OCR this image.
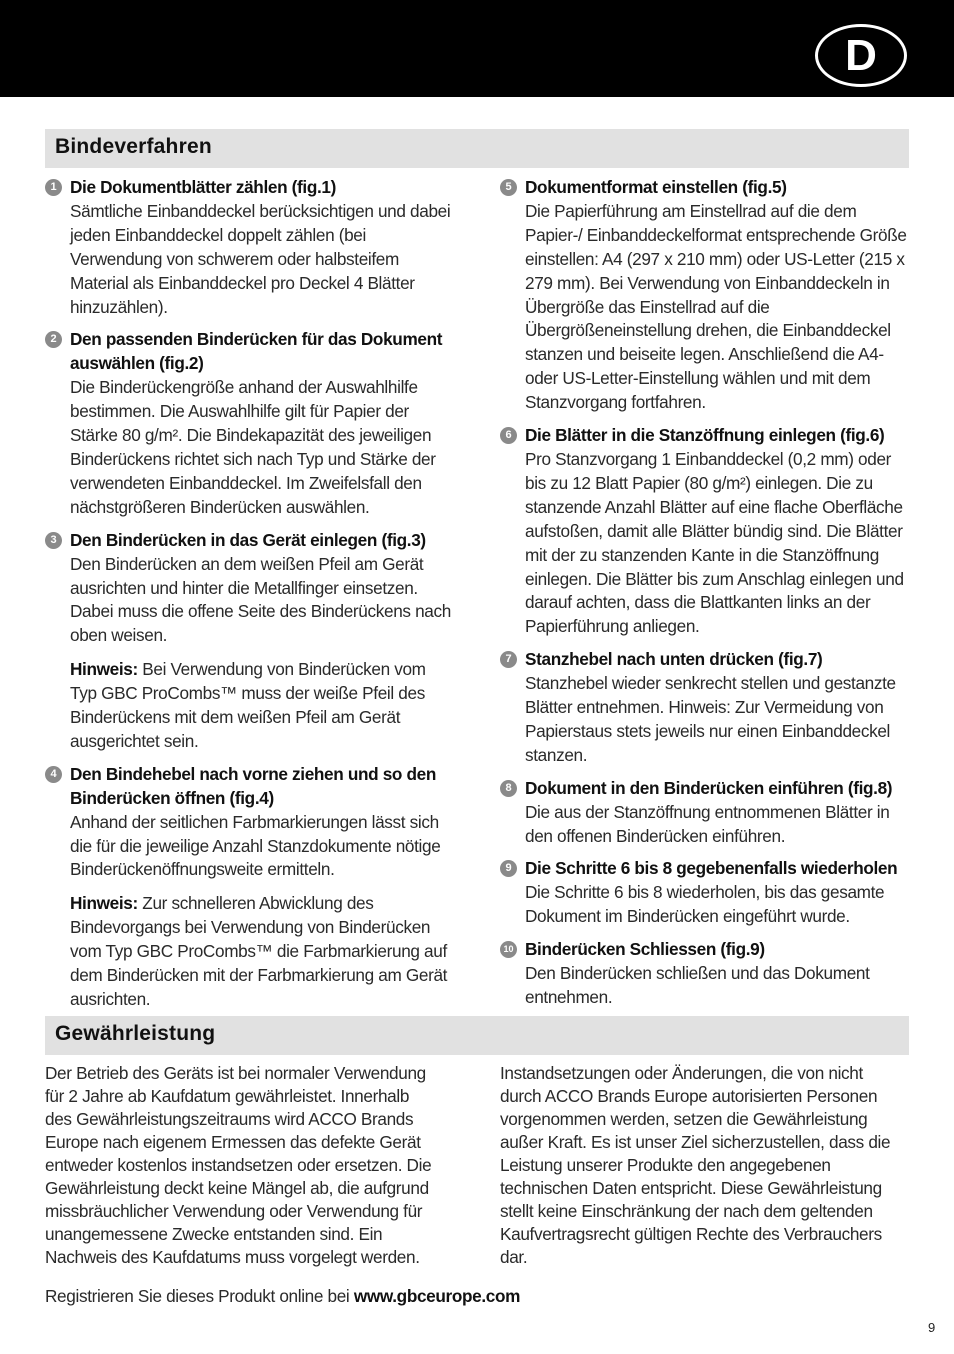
D
Bindeverfahren
1 Die Dokumentblätter zählen (fig.1)
Sämtliche Einbanddeckel berücksichtigen und dabei jeden Einbanddeckel doppelt zählen (bei Verwendung von schwerem oder halbsteifem Material als Einbanddeckel pro Deckel 4 Blätter hinzuzählen).
2 Den passenden Binderücken für das Dokument auswählen (fig.2)
Die Binderückengröße anhand der Auswahlhilfe bestimmen. Die Auswahlhilfe gilt für Papier der Stärke 80 g/m². Die Bindekapazität des jeweiligen Binderückens richtet sich nach Typ und Stärke der verwendeten Einbanddeckel. Im Zweifelsfall den nächstgrößeren Binderücken auswählen.
3 Den Binderücken in das Gerät einlegen (fig.3)
Den Binderücken an dem weißen Pfeil am Gerät ausrichten und hinter die Metallfinger einsetzen. Dabei muss die offene Seite des Binderückens nach oben weisen.
Hinweis: Bei Verwendung von Binderücken vom Typ GBC ProCombs™ muss der weiße Pfeil des Binderückens mit dem weißen Pfeil am Gerät ausgerichtet sein.
4 Den Bindehebel nach vorne ziehen und so den Binderücken öffnen (fig.4)
Anhand der seitlichen Farbmarkierungen lässt sich die für die jeweilige Anzahl Stanzdokumente nötige Binderückenöffnungsweite ermitteln.
Hinweis: Zur schnelleren Abwicklung des Bindevorgangs bei Verwendung von Binderücken vom Typ GBC ProCombs™ die Farbmarkierung auf dem Binderücken mit der Farbmarkierung am Gerät ausrichten.
5 Dokumentformat einstellen (fig.5)
Die Papierführung am Einstellrad auf die dem Papier-/ Einbanddeckelformat entsprechende Größe einstellen: A4 (297 x 210 mm) oder US-Letter (215 x 279 mm). Bei Verwendung von Einbanddeckeln in Übergröße das Einstellrad auf die Übergrößeneinstellung drehen, die Einbanddeckel stanzen und beiseite legen. Anschließend die A4- oder US-Letter-Einstellung wählen und mit dem Stanzvorgang fortfahren.
6 Die Blätter in die Stanzöffnung einlegen (fig.6)
Pro Stanzvorgang 1 Einbanddeckel (0,2 mm) oder bis zu 12 Blatt Papier (80 g/m²) einlegen. Die zu stanzende Anzahl Blätter auf eine flache Oberfläche aufstoßen, damit alle Blätter bündig sind. Die Blätter mit der zu stanzenden Kante in die Stanzöffnung einlegen. Die Blätter bis zum Anschlag einlegen und darauf achten, dass die Blattkanten links an der Papierführung anliegen.
7 Stanzhebel nach unten drücken (fig.7)
Stanzhebel wieder senkrecht stellen und gestanzte Blätter entnehmen. Hinweis: Zur Vermeidung von Papierstaus stets jeweils nur einen Einbanddeckel stanzen.
8 Dokument in den Binderücken einführen (fig.8)
Die aus der Stanzöffnung entnommenen Blätter in den offenen Binderücken einführen.
9 Die Schritte 6 bis 8 gegebenenfalls wiederholen
Die Schritte 6 bis 8 wiederholen, bis das gesamte Dokument im Binderücken eingeführt wurde.
10 Binderücken Schliessen (fig.9)
Den Binderücken schließen und das Dokument entnehmen.
Gewährleistung
Der Betrieb des Geräts ist bei normaler Verwendung für 2 Jahre ab Kaufdatum gewährleistet. Innerhalb des Gewährleistungszeitraums wird ACCO Brands Europe nach eigenem Ermessen das defekte Gerät entweder kostenlos instandsetzen oder ersetzen. Die Gewährleistung deckt keine Mängel ab, die aufgrund missbräuchlicher Verwendung oder Verwendung für unangemessene Zwecke entstanden sind. Ein Nachweis des Kaufdatums muss vorgelegt werden.
Instandsetzungen oder Änderungen, die von nicht durch ACCO Brands Europe autorisierten Personen vorgenommen werden, setzen die Gewährleistung außer Kraft. Es ist unser Ziel sicherzustellen, dass die Leistung unserer Produkte den angegebenen technischen Daten entspricht. Diese Gewährleistung stellt keine Einschränkung der nach dem geltenden Kaufvertragsrecht gültigen Rechte des Verbrauchers dar.
Registrieren Sie dieses Produkt online bei www.gbceurope.com
9
